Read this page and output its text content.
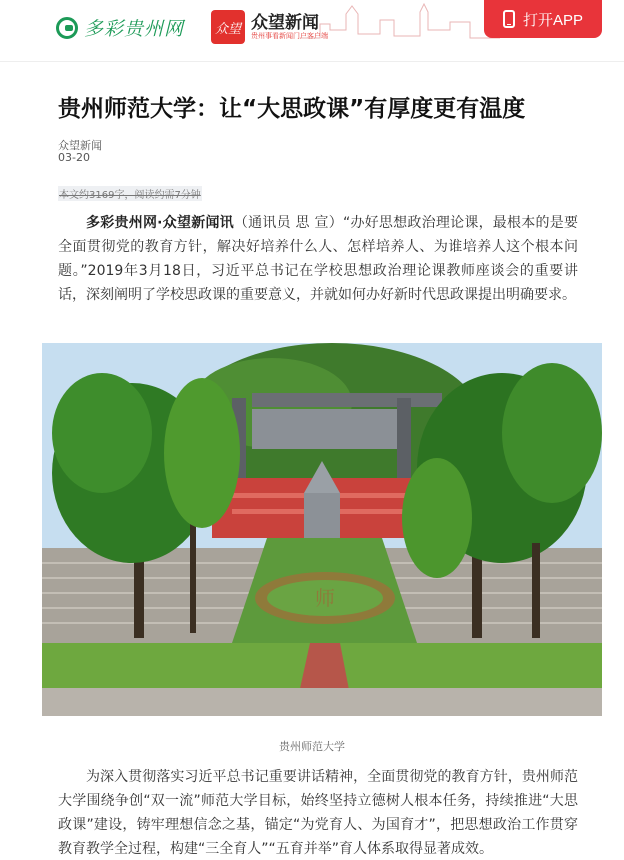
多彩贵州网	众望 众望新闻
贵州事看新闻门户客户端
打开APP
贵州师范大学：让“大思政课”有厚度更有温度
众望新闻
03-20
本文约3169字，阅读约需7分钟

多彩贵州网·众望新闻讯（通讯员 思 宣）“办好思想政治理论课，最根本的是要全面贯彻党的教育方针，解决好培养什么人、怎样培养人、为谁培养人这个根本问题。”2019年3月18日，习近平总书记在学校思想政治理论课教师座谈会的重要讲话，深刻阐明了学校思政课的重要意义，并就如何办好新时代思政课提出明确要求。

师
贵州师范大学

为深入贯彻落实习近平总书记重要讲话精神，全面贯彻党的教育方针，贵州师范大学围绕争创“双一流”师范大学目标，始终坚持立德树人根本任务，持续推进“大思政课”建设，铸牢理想信念之基，锚定“为党育人、为国育才”，把思想政治工作贯穿教育教学全过程，构建“三全育人”“五育并举”育人体系取得显著成效。
